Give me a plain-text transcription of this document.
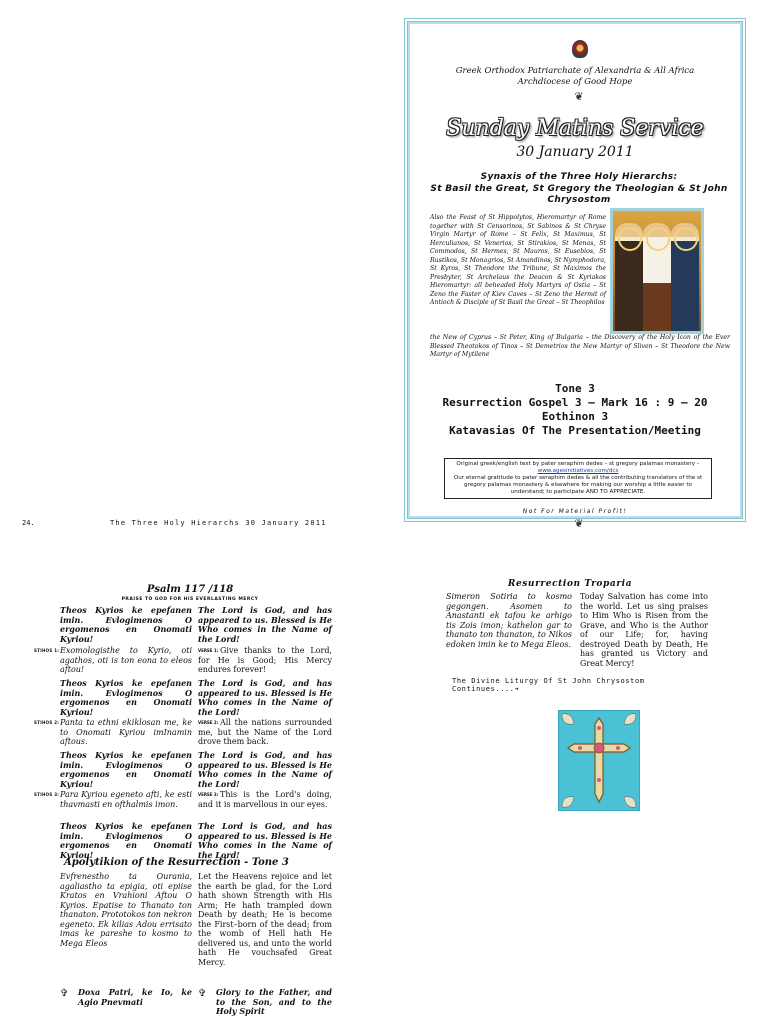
Greek Orthodox Patriarchate of Alexandria & All Africa
Archdiocese of Good Hope
❦
Sunday Matins Service
30 January 2011
Synaxis of the Three Holy Hierarchs:
St Basil the Great, St Gregory the Theologian & St John Chrysostom
Also the Feast of St Hippolytos, Hieromartyr of Rome together with St Censorinos, St Sabinos & St Chryse Virgin Martyr of Rome – St Felix, St Maximus, St Herculianos, St Venerios, St Stirakios, St Menas, St Commodos, St Hermes, St Mauros, St Eusebios, St Rustikos, St Monagrios, St Amandinos, St Nymphodora, St Kyros, St Theodore the Tribune, St Maximos the Presbyter, St Archelaus the Deacon & St Kyriakos Hieromartyr: all beheaded Holy Martyrs of Ostia – St Zeno the Faster of Kiev Caves – St Zeno the Hermit of Antioch & Disciple of St Basil the Great – St Theophilos
the New of Cyprus – St Peter, King of Bulgaria – the Discovery of the Holy Icon of the Ever Blessed Theotokos of Tinos – St Demetrios the New Martyr of Sliven – St Theodore the New Martyr of Mytilene
Tone 3
Resurrection Gospel 3 – Mark 16 : 9 – 20
Eothinon 3
Katavasias Of The Presentation/Meeting
Original greek/english text by pater seraphim dedes – st gregory palamas monastery – www.agesinitiatives.com/dcs
Our eternal gratitude to pater seraphim dedes & all the contributing translators of the st gregory palamas monastery & elsewhere for making our worship a little easier to understand; to participate AND TO APPRECIATE.
Not For Material Profit!
❦
24.	The Three Holy Hierarchs 30 January 2011
Psalm 117 /118
PRAISE TO GOD FOR HIS EVERLASTING MERCY
Theos Kyrios ke epefanen imin. Evlogimenos O ergomenos en Onomati Kyriou!
The Lord is God, and has appeared to us. Blessed is He Who comes in the Name of the Lord!
STIHOS 1: Exomologisthe to Kyrio, oti agathos, oti is ton eona to eleos aftou!
VERSE 1: Give thanks to the Lord, for He is Good; His Mercy endures forever!
Theos Kyrios ke epefanen imin. Evlogimenos O ergomenos en Onomati Kyriou!
The Lord is God, and has appeared to us. Blessed is He Who comes in the Name of the Lord!
STIHOS 2: Panta ta ethni ekiklosan me, ke to Onomati Kyriou imInamin aftous.
VERSE 2: All the nations surrounded me, but the Name of the Lord drove them back.
Theos Kyrios ke epefanen imin. Evlogimenos O ergomenos en Onomati Kyriou!
The Lord is God, and has appeared to us. Blessed is He Who comes in the Name of the Lord!
STIHOS 3: Para Kyriou egeneto afti, ke esti thavmasti en ofthalmis imon.
VERSE 3: This is the Lord's doing, and it is marvellous in our eyes.
Theos Kyrios ke epefanen imin. Evlogimenos O ergomenos en Onomati Kyriou!
The Lord is God, and has appeared to us. Blessed is He Who comes in the Name of the Lord!
Apolytikion of the Resurrection - Tone 3
Evfrenestho ta Ourania, agaliastho ta epigia, oti epiise Kratos en Vrahioni Aftou O Kyrios. Epatise to Thanato ton thanaton. Prototokos ton nekron egeneto. Ek kilias Adou errisato imas ke pareshe to kosmo to Mega Eleos
Let the Heavens rejoice and let the earth be glad, for the Lord hath shown Strength with His Arm; He hath trampled down Death by death; He is become the First–born of the dead; from the womb of Hell hath He delivered us, and unto the world hath He vouchsafed Great Mercy.
✞ Doxa Patri, ke Io, ke Agio Pnevmati
✞ Glory to the Father, and to the Son, and to the Holy Spirit
Resurrection Troparia
Simeron Sotiria to kosmo gegongen. Asomen to Anastanti ek tafou ke arhigo tis Zois imon; kathelon gar to thanato ton thanaton, to Nikos edoken imin ke to Mega Eleos.
Today Salvation has come into the world. Let us sing praises to Him Who is Risen from the Grave, and Who is the Author of our Life; for, having destroyed Death by Death, He has granted us Victory and Great Mercy!
The Divine Liturgy Of St John Chrysostom Continues....➔
